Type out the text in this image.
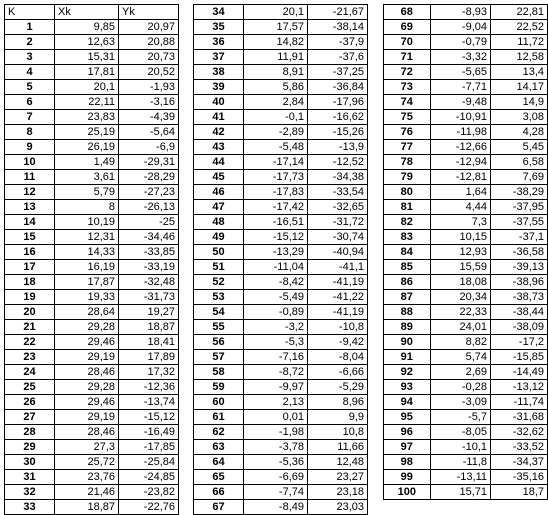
K	Xk	Yk
1	9,85	20,97
2	12,63	20,88
3	15,31	20,73
4	17,81	20,52
5	20,1	-1,93
6	22,11	-3,16
7	23,83	-4,39
8	25,19	-5,64
9	26,19	-6,9
10	1,49	-29,31
11	3,61	-28,29
12	5,79	-27,23
13	8	-26,13
14	10,19	-25
15	12,31	-34,46
16	14,33	-33,85
17	16,19	-33,19
18	17,87	-32,48
19	19,33	-31,73
20	28,64	19,27
21	29,28	18,87
22	29,46	18,41
23	29,19	17,89
24	28,46	17,32
25	29,28	-12,36
26	29,46	-13,74
27	29,19	-15,12
28	28,46	-16,49
29	27,3	-17,85
30	25,72	-25,84
31	23,76	-24,85
32	21,46	-23,82
33	18,87	-22,76
34	20,1	-21,67
35	17,57	-38,14
36	14,82	-37,9
37	11,91	-37,6
38	8,91	-37,25
39	5,86	-36,84
40	2,84	-17,96
41	-0,1	-16,62
42	-2,89	-15,26
43	-5,48	-13,9
44	-17,14	-12,52
45	-17,73	-34,38
46	-17,83	-33,54
47	-17,42	-32,65
48	-16,51	-31,72
49	-15,12	-30,74
50	-13,29	-40,94
51	-11,04	-41,1
52	-8,42	-41,19
53	-5,49	-41,22
54	-0,89	-41,19
55	-3,2	-10,8
56	-5,3	-9,42
57	-7,16	-8,04
58	-8,72	-6,66
59	-9,97	-5,29
60	2,13	8,96
61	0,01	9,9
62	-1,98	10,8
63	-3,78	11,66
64	-5,36	12,48
65	-6,69	23,27
66	-7,74	23,18
67	-8,49	23,03
68	-8,93	22,81
69	-9,04	22,52
70	-0,79	11,72
71	-3,32	12,58
72	-5,65	13,4
73	-7,71	14,17
74	-9,48	14,9
75	-10,91	3,08
76	-11,98	4,28
77	-12,66	5,45
78	-12,94	6,58
79	-12,81	7,69
80	1,64	-38,29
81	4,44	-37,95
82	7,3	-37,55
83	10,15	-37,1
84	12,93	-36,58
85	15,59	-39,13
86	18,08	-38,96
87	20,34	-38,73
88	22,33	-38,44
89	24,01	-38,09
90	8,82	-17,2
91	5,74	-15,85
92	2,69	-14,49
93	-0,28	-13,12
94	-3,09	-11,74
95	-5,7	-31,68
96	-8,05	-32,62
97	-10,1	-33,52
98	-11,8	-34,37
99	-13,11	-35,16
100	15,71	18,7
